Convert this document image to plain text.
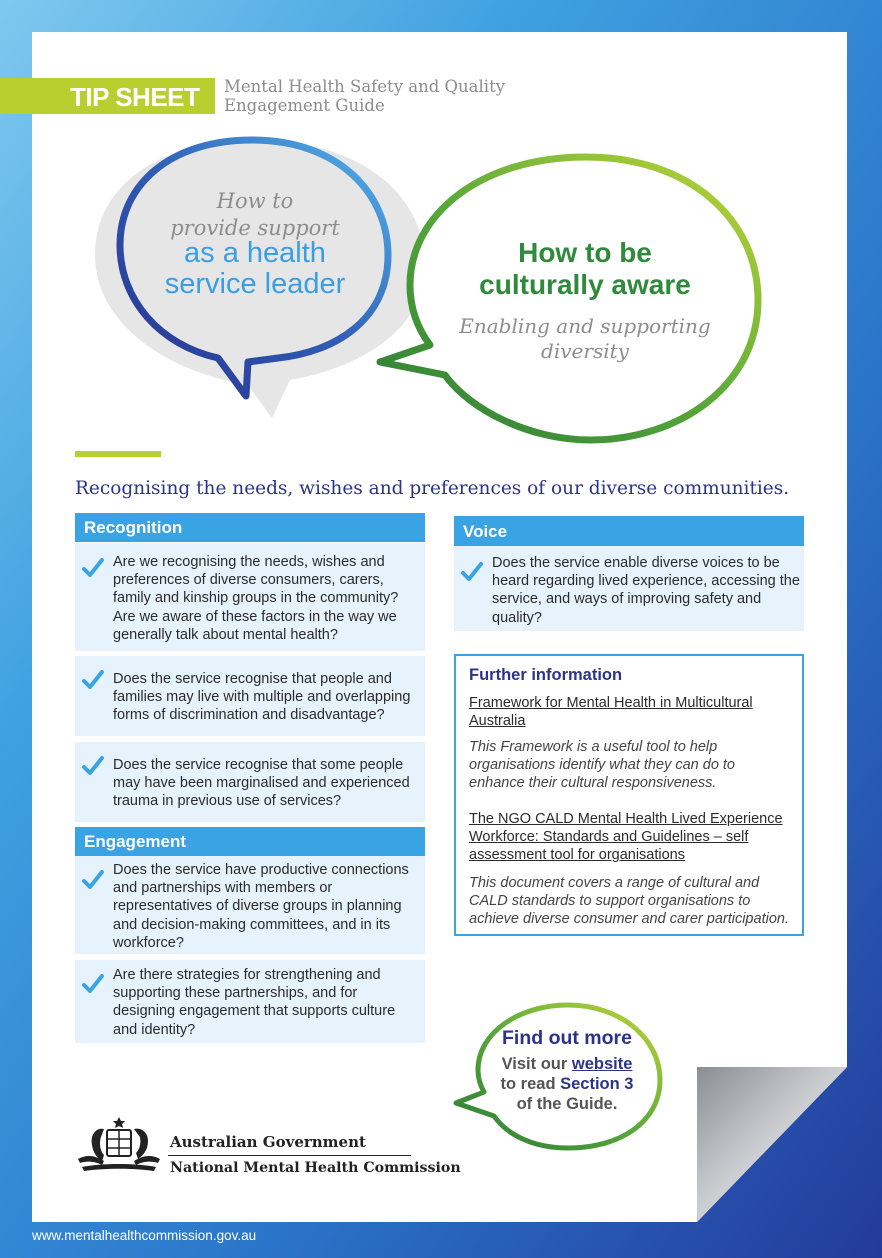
TIP SHEET Mental Health Safety and Quality
Engagement Guide
How to
provide support
as a health
service leader
How to be
culturally aware
Enabling and supporting
diversity
Recognising the needs, wishes and preferences of our diverse communities.
Recognition
Are we recognising the needs, wishes and preferences of diverse consumers, carers, family and kinship groups in the community? Are we aware of these factors in the way we generally talk about mental health?
Does the service recognise that people and families may live with multiple and overlapping forms of discrimination and disadvantage?
Does the service recognise that some people may have been marginalised and experienced trauma in previous use of services?
Engagement
Does the service have productive connections and partnerships with members or representatives of diverse groups in planning and decision-making committees, and in its workforce?
Are there strategies for strengthening and supporting these partnerships, and for designing engagement that supports culture and identity?
Voice
Does the service enable diverse voices to be heard regarding lived experience, accessing the service, and ways of improving safety and quality?
Further information
Framework for Mental Health in Multicultural Australia
This Framework is a useful tool to help organisations identify what they can do to enhance their cultural responsiveness.
The NGO CALD Mental Health Lived Experience Workforce: Standards and Guidelines – self assessment tool for organisations
This document covers a range of cultural and CALD standards to support organisations to achieve diverse consumer and carer participation.
Find out more
Visit our website
to read Section 3
of the Guide.
Australian Government
National Mental Health Commission
www.mentalhealthcommission.gov.au
